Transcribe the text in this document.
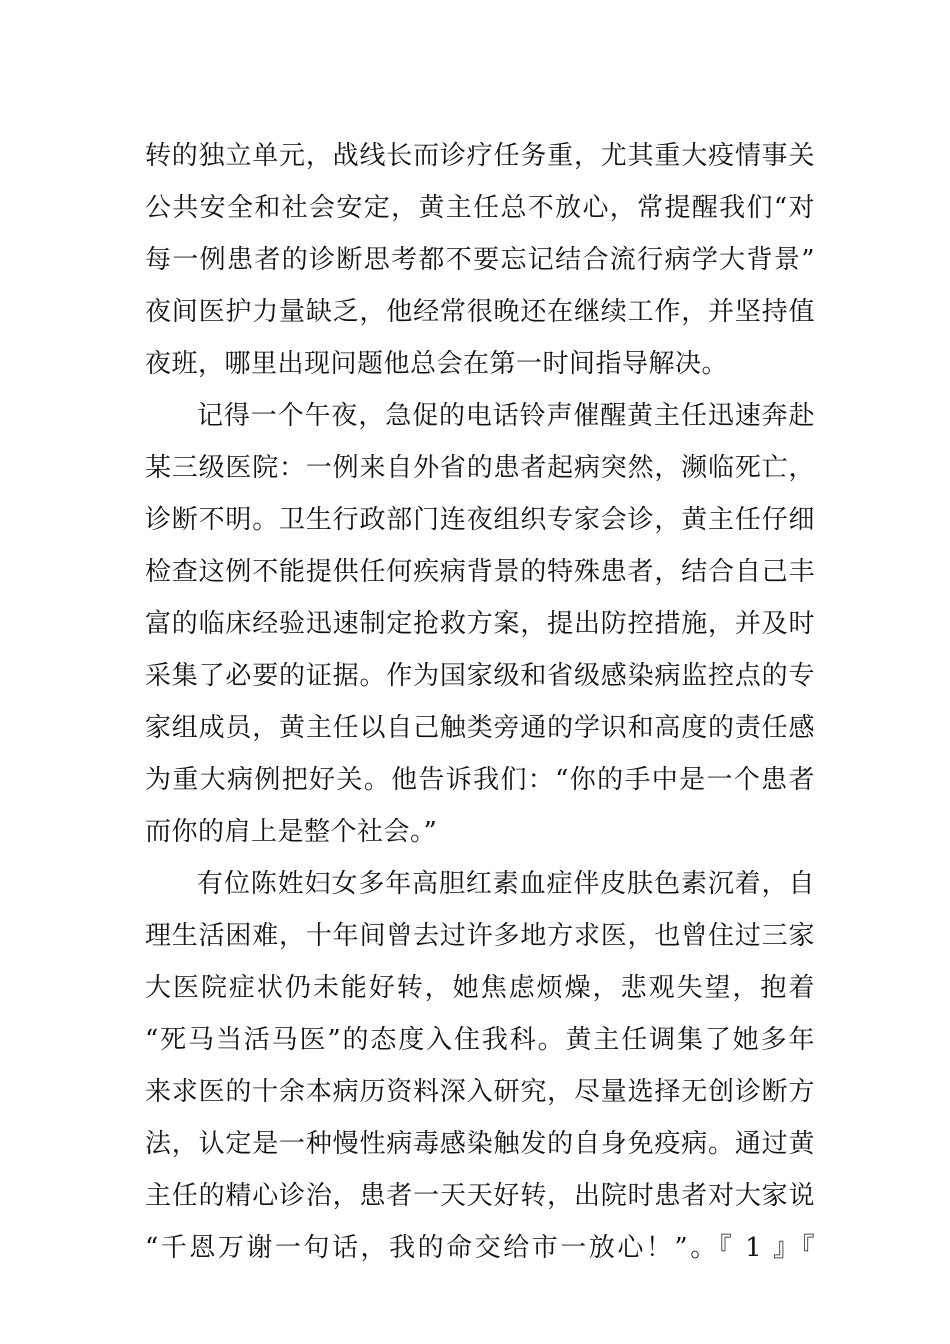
转的独立单元，战线长而诊疗任务重，尤其重大疫情事关
公共安全和社会安定，黄主任总不放心，常提醒我们“对
每一例患者的诊断思考都不要忘记结合流行病学大背景”
夜间医护力量缺乏，他经常很晚还在继续工作，并坚持值
夜班，哪里出现问题他总会在第一时间指导解决。
记得一个午夜，急促的电话铃声催醒黄主任迅速奔赴
某三级医院：一例来自外省的患者起病突然，濒临死亡，
诊断不明。卫生行政部门连夜组织专家会诊，黄主任仔细
检查这例不能提供任何疾病背景的特殊患者，结合自己丰
富的临床经验迅速制定抢救方案，提出防控措施，并及时
采集了必要的证据。作为国家级和省级感染病监控点的专
家组成员，黄主任以自己触类旁通的学识和高度的责任感
为重大病例把好关。他告诉我们：“你的手中是一个患者
而你的肩上是整个社会。”
有位陈姓妇女多年高胆红素血症伴皮肤色素沉着，自
理生活困难，十年间曾去过许多地方求医，也曾住过三家
大医院症状仍未能好转，她焦虑烦燥，悲观失望，抱着
“死马当活马医”的态度入住我科。黄主任调集了她多年
来求医的十余本病历资料深入研究，尽量选择无创诊断方
法，认定是一种慢性病毒感染触发的自身免疫病。通过黄
主任的精心诊治，患者一天天好转，出院时患者对大家说
“千恩万谢一句话，我的命交给市一放心！”。『 1 』『
